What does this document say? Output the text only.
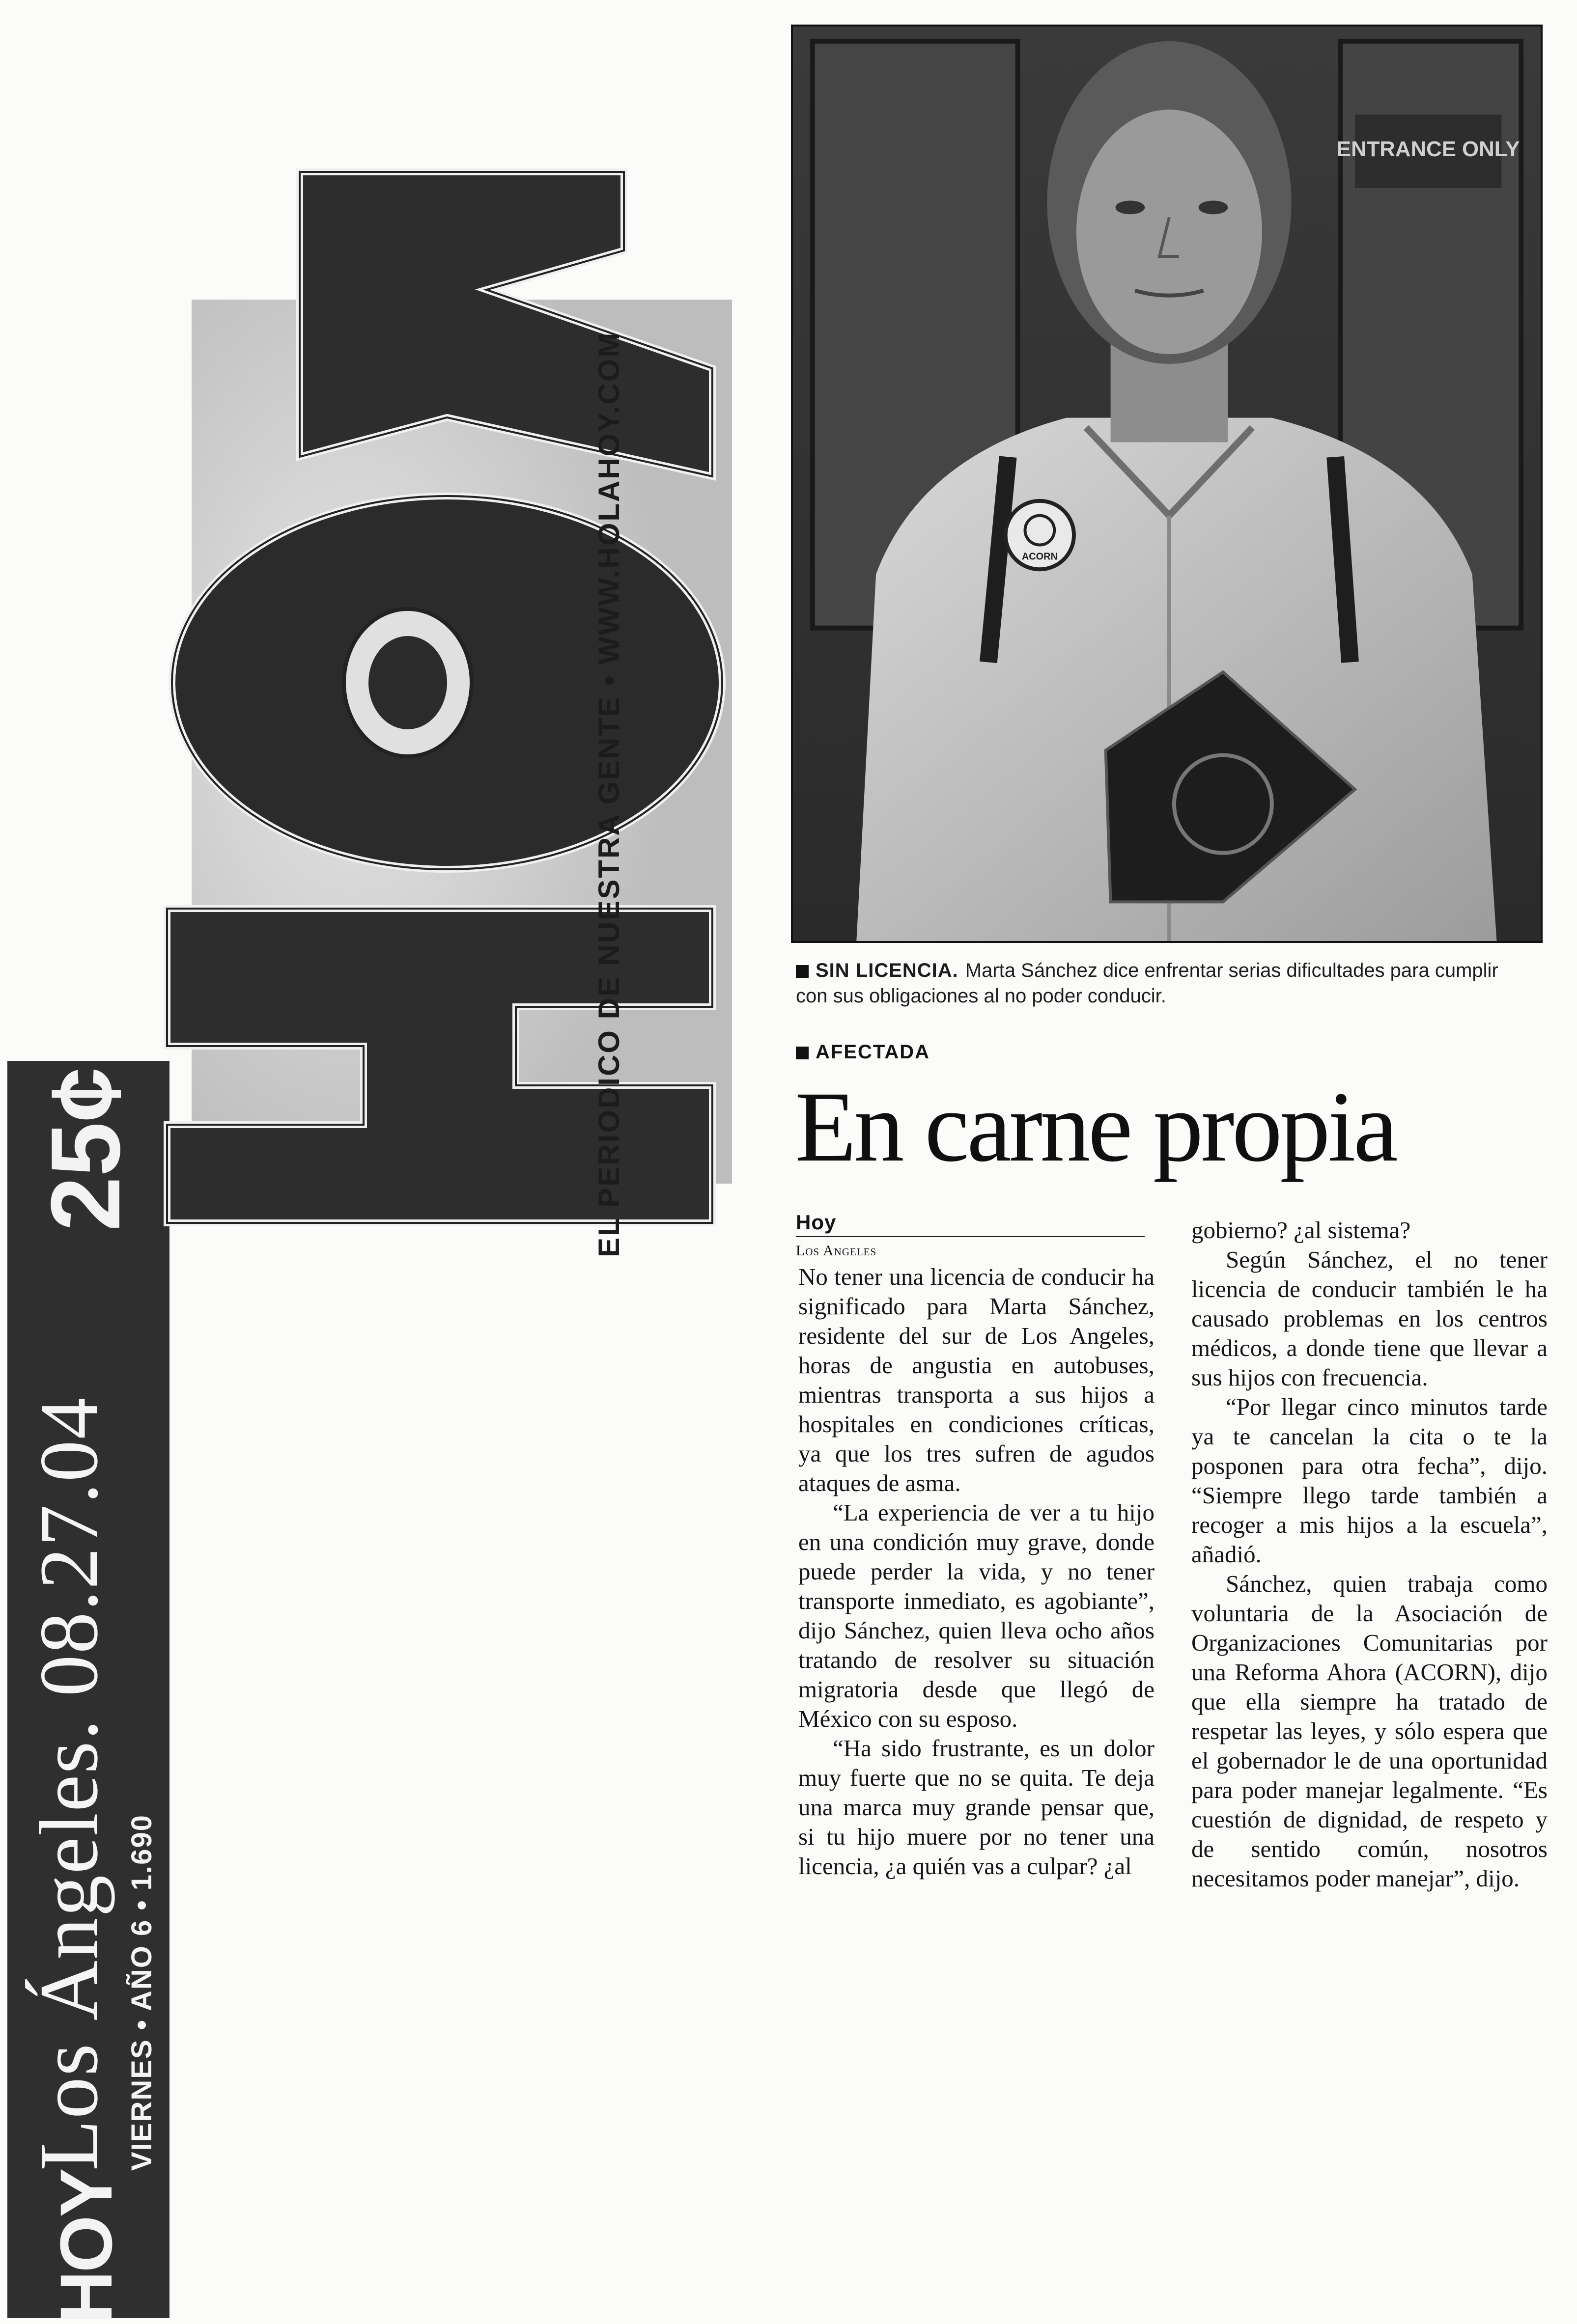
HOY
Los Ángeles. 08.27.04
VIERNES • AÑO 6 • 1.690
25¢	EL PERIODICO DE NUESTRA GENTE • WWW.HOLAHOY.COM
ENTRANCE ONLY
ACORN
SIN LICENCIA. Marta Sánchez dice enfrentar serias dificultades para cumplir con sus obligaciones al no poder conducir.
AFECTADA
En carne propia
Hoy
Los Angeles

No tener una licencia de conducir ha significado para Marta Sánchez, residente del sur de Los Angeles, horas de angustia en autobuses, mientras transporta a sus hijos a hospitales en condiciones críticas, ya que los tres sufren de agudos ataques de asma.

“La experiencia de ver a tu hijo en una condición muy grave, donde puede perder la vida, y no tener transporte inmediato, es agobiante”, dijo Sánchez, quien lleva ocho años tratando de resolver su situación migratoria desde que llegó de México con su esposo.

“Ha sido frustrante, es un dolor muy fuerte que no se quita. Te deja una marca muy grande pensar que, si tu hijo muere por no tener una licencia, ¿a quién vas a culpar? ¿al

gobierno? ¿al sistema?

Según Sánchez, el no tener licencia de conducir también le ha causado problemas en los centros médicos, a donde tiene que llevar a sus hijos con frecuencia.

“Por llegar cinco minutos tarde ya te cancelan la cita o te la posponen para otra fecha”, dijo. “Siempre llego tarde también a recoger a mis hijos a la escuela”, añadió.

Sánchez, quien trabaja como voluntaria de la Asociación de Organizaciones Comunitarias por una Reforma Ahora (ACORN), dijo que ella siempre ha tratado de respetar las leyes, y sólo espera que el gobernador le de una oportunidad para poder manejar legalmente. “Es cuestión de dignidad, de respeto y de sentido común, nosotros necesitamos poder manejar”, dijo.
